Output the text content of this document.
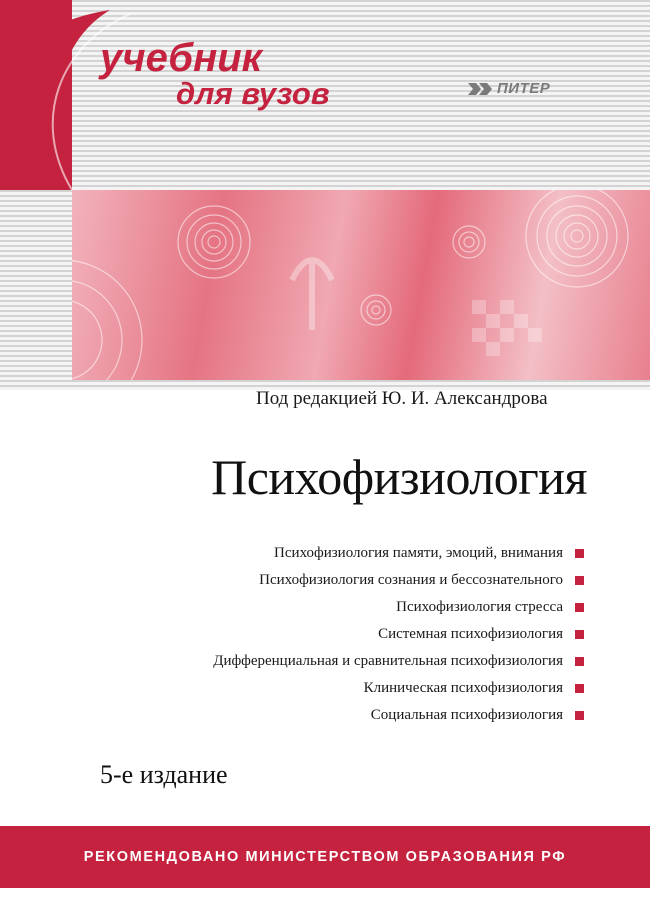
учебник
для вузов	ПИТЕР
Под редакцией Ю. И. Александрова
Психофизиология
Психофизиология памяти, эмоций, внимания
Психофизиология сознания и бессознательного
Психофизиология стресса
Системная психофизиология
Дифференциальная и сравнительная психофизиология
Клиническая психофизиология
Социальная психофизиология
5-е издание
РЕКОМЕНДОВАНО МИНИСТЕРСТВОМ ОБРАЗОВАНИЯ РФ
